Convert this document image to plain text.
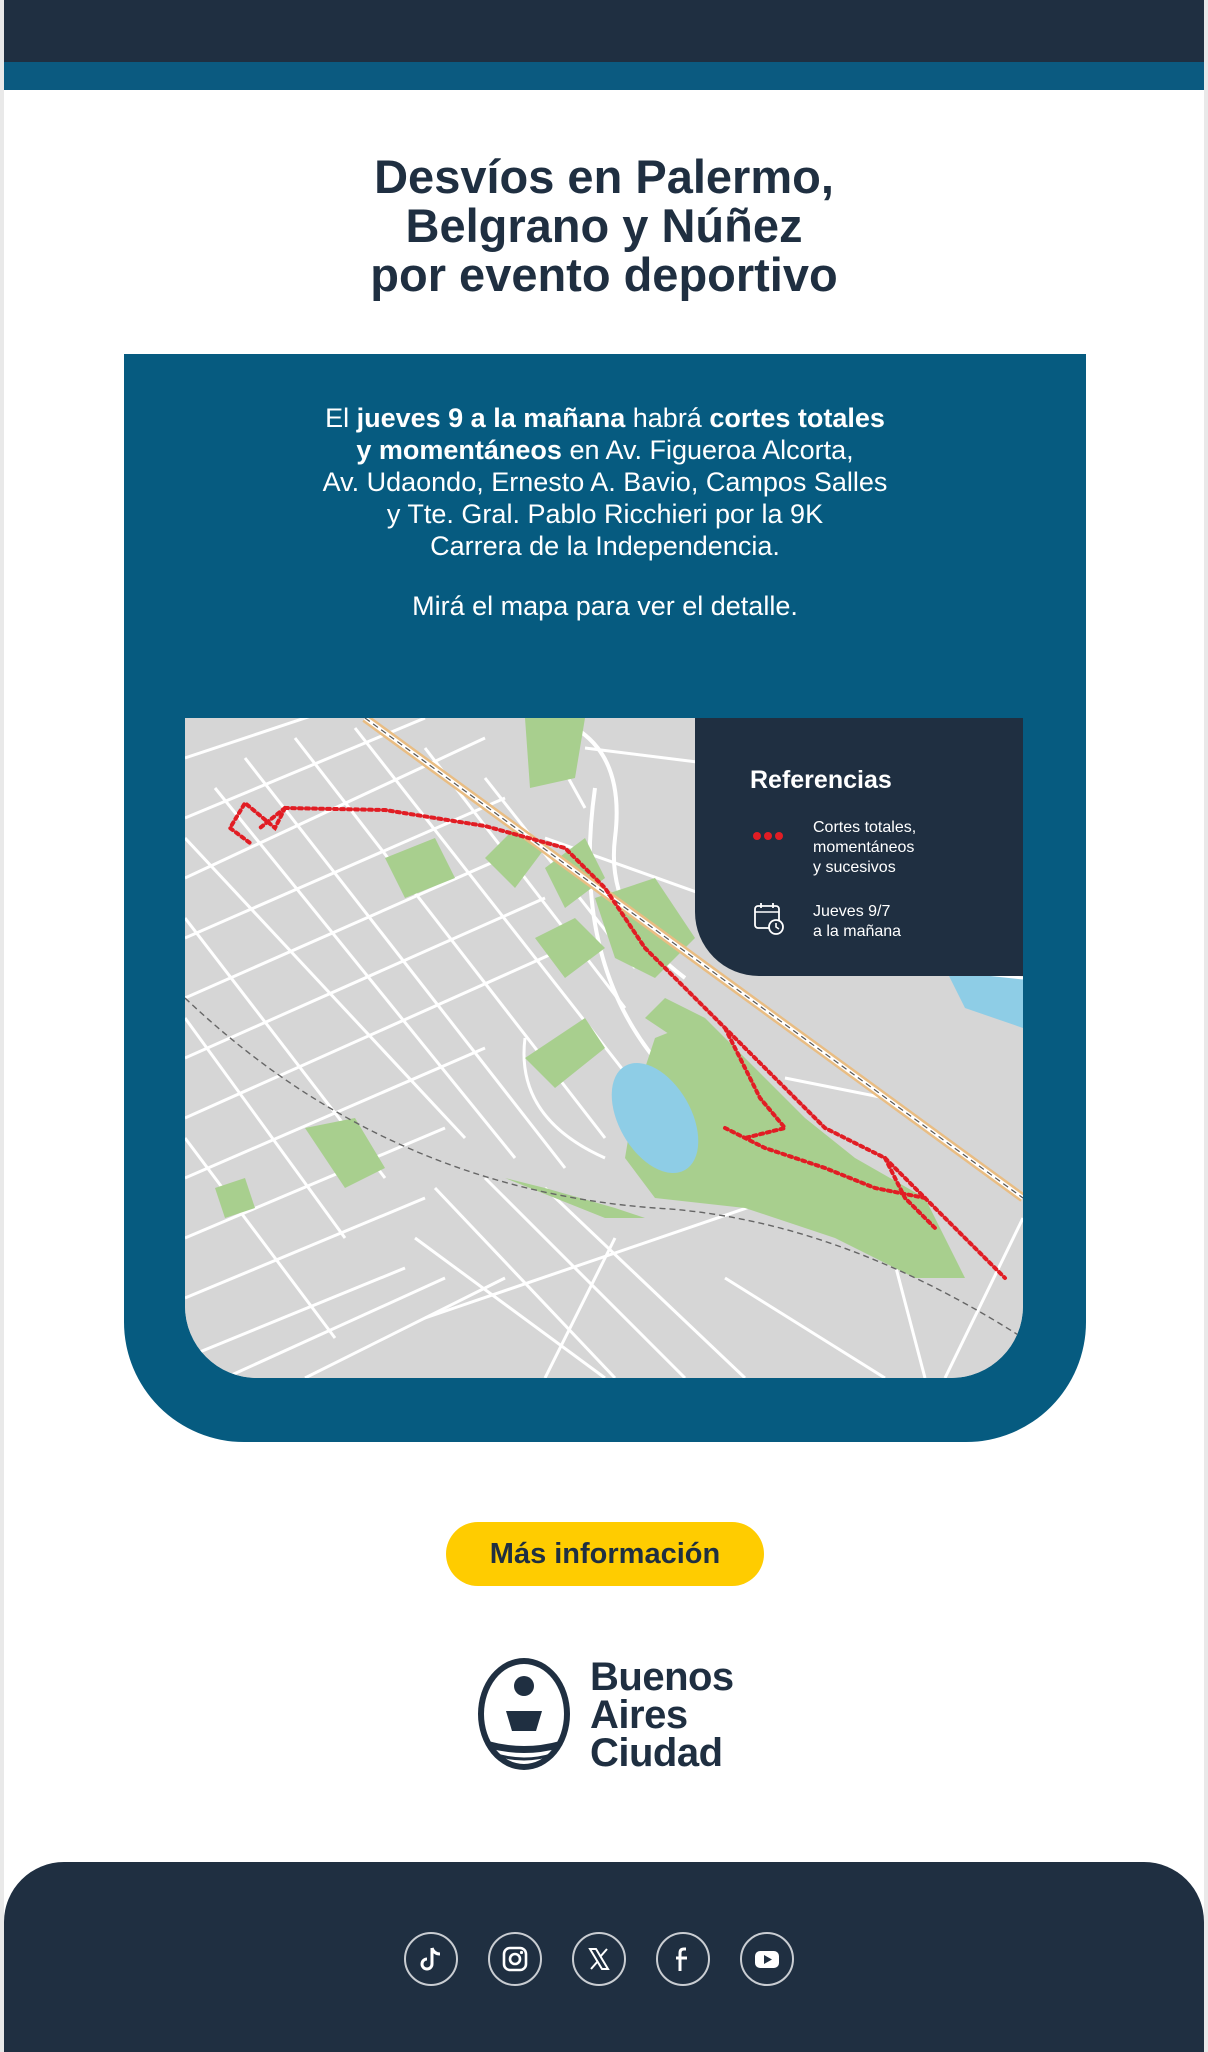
Desvíos en Palermo,
Belgrano y Núñez
por evento deportivo
El jueves 9 a la mañana habrá cortes totales
y momentáneos en Av. Figueroa Alcorta,
Av. Udaondo, Ernesto A. Bavio, Campos Salles
y Tte. Gral. Pablo Ricchieri por la 9K
Carrera de la Independencia.
Mirá el mapa para ver el detalle.
Referencias
Cortes totales,
momentáneos
y sucesivos
Jueves 9/7
a la mañana
Más información
Buenos
Aires
Ciudad
